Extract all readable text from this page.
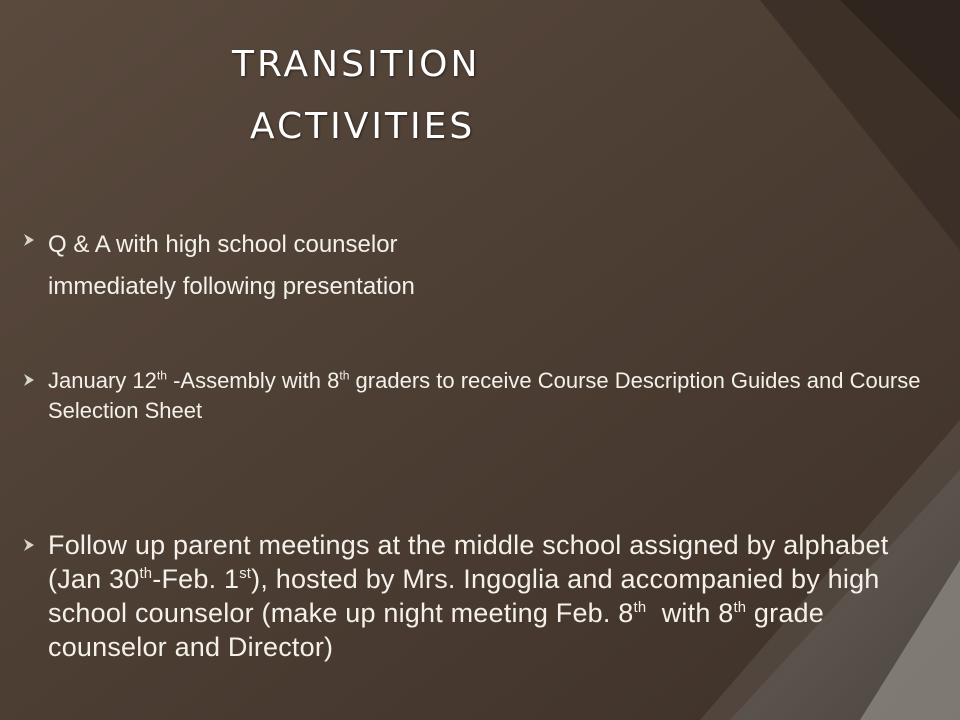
transition
activities
Q & A with high school counselor
immediately following presentation
January 12th -Assembly with 8th graders to receive Course Description Guides and Course Selection Sheet
Follow up parent meetings at the middle school assigned by alphabet (Jan 30th-Feb. 1st), hosted by Mrs. Ingoglia and accompanied by high school counselor (make up night meeting Feb. 8th  with 8th grade counselor and Director)
